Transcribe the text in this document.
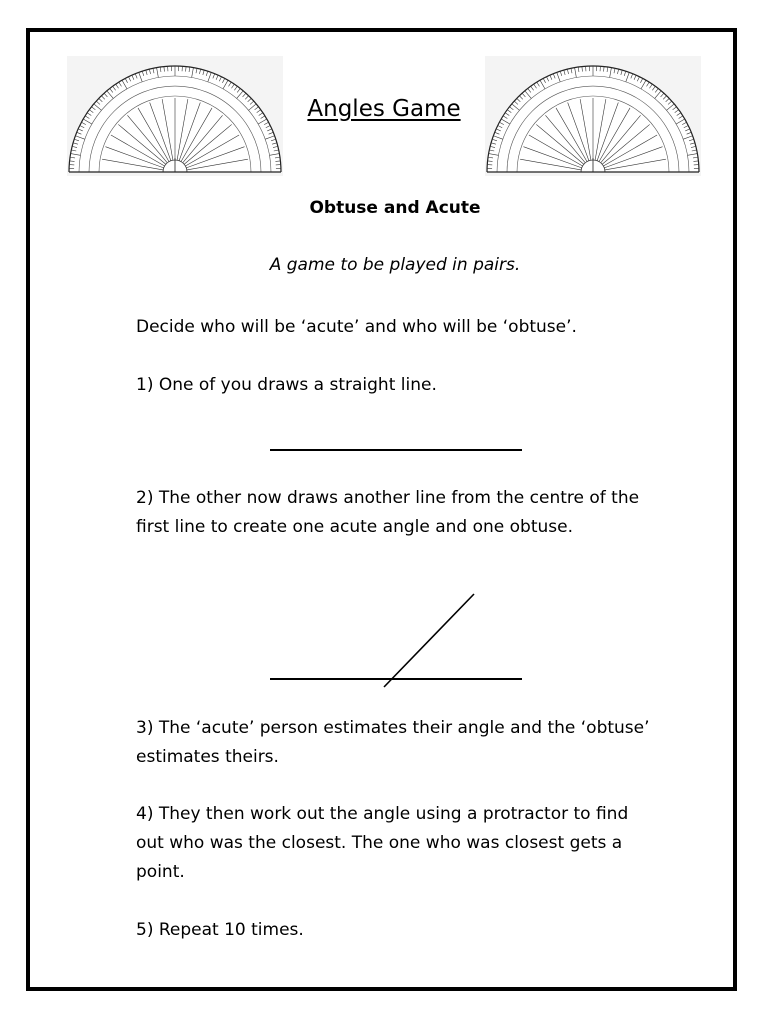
Angles Game
Obtuse and Acute
A game to be played in pairs.
Decide who will be ‘acute’ and who will be ‘obtuse’.
1) One of you draws a straight line.
2) The other now draws another line from the centre of the first line to create one acute angle and one obtuse.
3) The ‘acute’ person estimates their angle and the ‘obtuse’ estimates theirs.
4) They then work out the angle using a protractor to find out who was the closest. The one who was closest gets a point.
5) Repeat 10 times.
